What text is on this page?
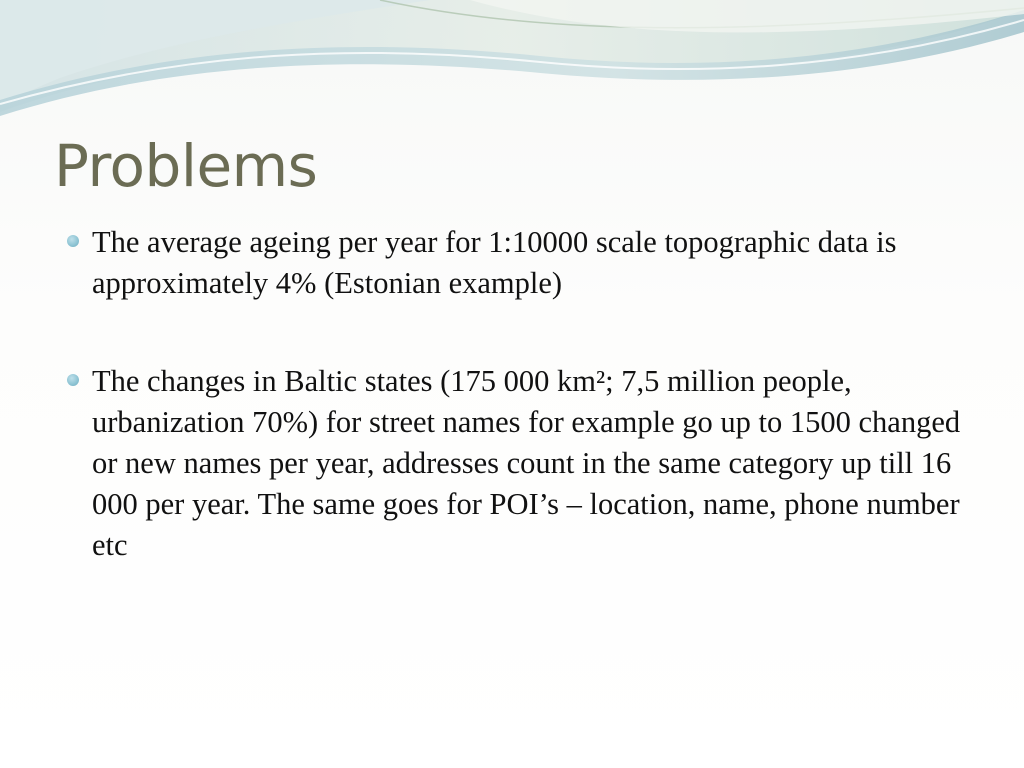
Problems
The average ageing per year for 1:10000 scale topographic data is approximately 4% (Estonian example)
The changes in Baltic states (175 000 km²; 7,5 million people, urbanization 70%) for street names for example go up to 1500 changed or new names per year, addresses count in the same category up till 16 000 per year. The same goes for POI’s – location, name, phone number etc
